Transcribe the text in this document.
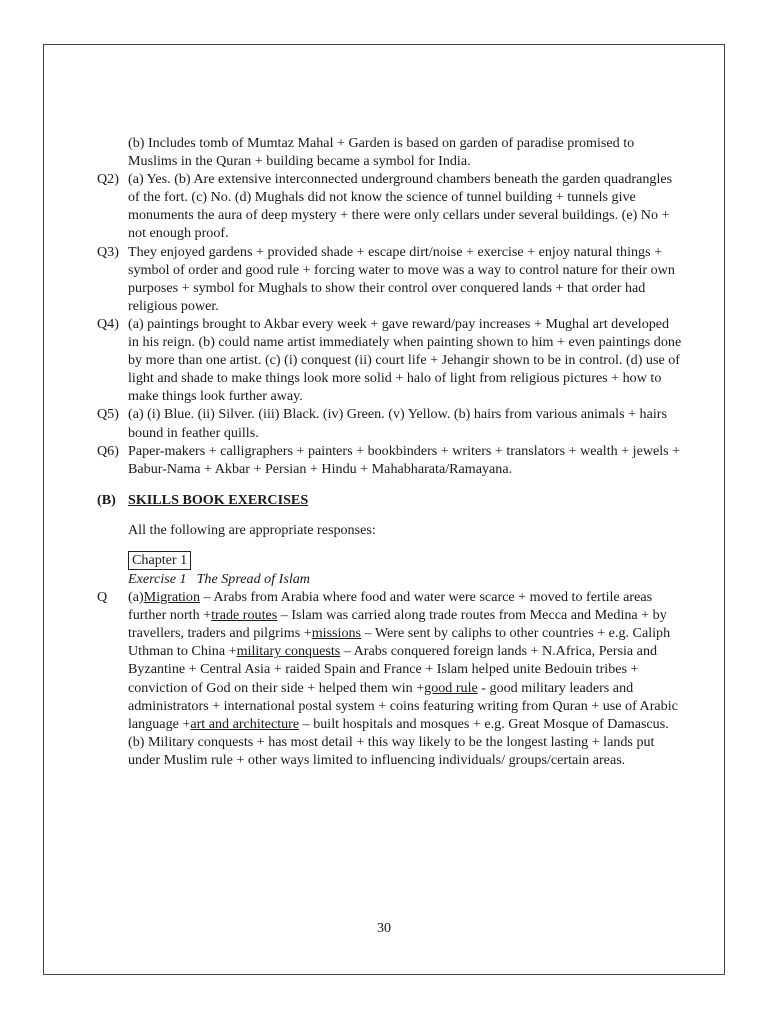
(b) Includes tomb of Mumtaz Mahal + Garden is based on garden of paradise promised to Muslims in the Quran + building became a symbol for India.
Q2) (a) Yes. (b) Are extensive interconnected underground chambers beneath the garden quadrangles of the fort. (c) No. (d) Mughals did not know the science of tunnel building + tunnels give monuments the aura of deep mystery + there were only cellars under several buildings. (e) No + not enough proof.
Q3) They enjoyed gardens + provided shade + escape dirt/noise + exercise + enjoy natural things + symbol of order and good rule + forcing water to move was a way to control nature for their own purposes + symbol for Mughals to show their control over conquered lands + that order had religious power.
Q4) (a) paintings brought to Akbar every week + gave reward/pay increases + Mughal art developed in his reign. (b) could name artist immediately when painting shown to him + even paintings done by more than one artist. (c) (i) conquest (ii) court life + Jehangir shown to be in control. (d) use of light and shade to make things look more solid + halo of light from religious pictures + how to make things look further away.
Q5) (a) (i) Blue. (ii) Silver. (iii) Black. (iv) Green. (v) Yellow. (b) hairs from various animals + hairs bound in feather quills.
Q6) Paper-makers + calligraphers + painters + bookbinders + writers + translators + wealth + jewels + Babur-Nama + Akbar + Persian + Hindu + Mahabharata/Ramayana.
(B) SKILLS BOOK EXERCISES
All the following are appropriate responses:
Chapter 1
Exercise 1 The Spread of Islam
Q (a)Migration – Arabs from Arabia where food and water were scarce + moved to fertile areas further north +trade routes – Islam was carried along trade routes from Mecca and Medina + by travellers, traders and pilgrims +missions – Were sent by caliphs to other countries + e.g. Caliph Uthman to China +military conquests – Arabs conquered foreign lands + N.Africa, Persia and Byzantine + Central Asia + raided Spain and France + Islam helped unite Bedouin tribes + conviction of God on their side + helped them win +good rule - good military leaders and administrators + international postal system + coins featuring writing from Quran + use of Arabic language +art and architecture – built hospitals and mosques + e.g. Great Mosque of Damascus.
(b) Military conquests + has most detail + this way likely to be the longest lasting + lands put under Muslim rule + other ways limited to influencing individuals/ groups/certain areas.
30
